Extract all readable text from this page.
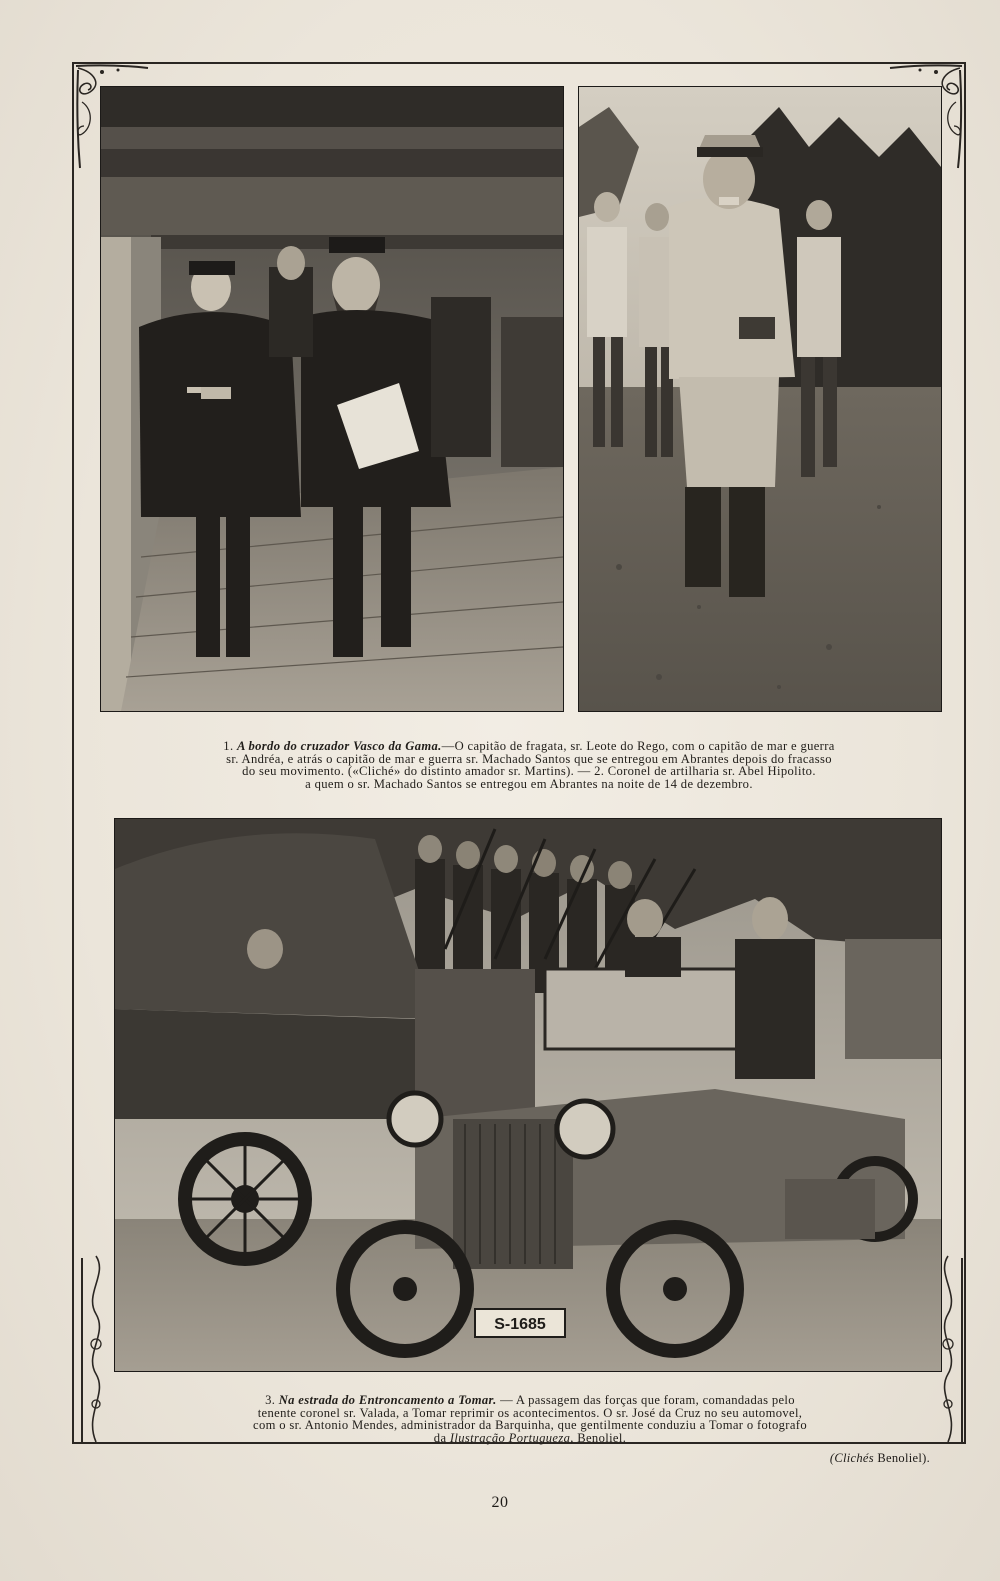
1. A bordo do cruzador Vasco da Gama.—O capitão de fragata, sr. Leote do Rego, com o capitão de mar e guerra
sr. Andréa, e atrás o capitão de mar e guerra sr. Machado Santos que se entregou em Abrantes depois do fracasso
do seu movimento. («Cliché» do distinto amador sr. Martins). — 2. Coronel de artilharia sr. Abel Hipolito.
a quem o sr. Machado Santos se entregou em Abrantes na noite de 14 de dezembro.
S-1685
3. Na estrada do Entroncamento a Tomar. — A passagem das forças que foram, comandadas pelo
tenente coronel sr. Valada, a Tomar reprimir os acontecimentos. O sr. José da Cruz no seu automovel,
com o sr. Antonio Mendes, administrador da Barquinha, que gentilmente conduziu a Tomar o fotografo
da Ilustração Portugueza, Benoliel.
(Clichés Benoliel).
20
